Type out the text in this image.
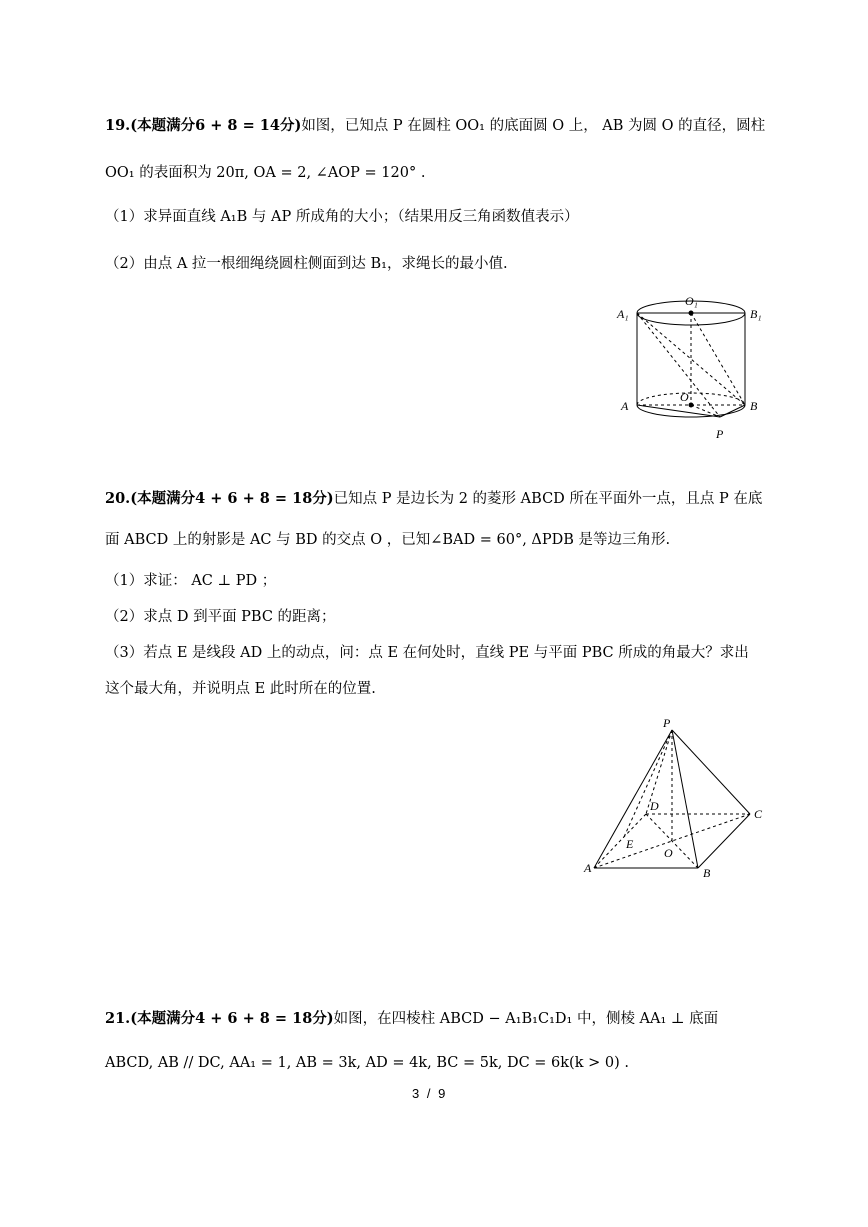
19.(本题满分6 + 8 = 14分)如图，已知点 P 在圆柱 OO₁ 的底面圆 O 上， AB 为圆 O 的直径，圆柱
OO₁ 的表面积为 20π, OA = 2, ∠AOP = 120° .
（1）求异面直线 A₁B 与 AP 所成角的大小；（结果用反三角函数值表示）
（2）由点 A 拉一根细绳绕圆柱侧面到达 B₁，求绳长的最小值.
A₁
O₁
B₁
A
O
B
P
20.(本题满分4 + 6 + 8 = 18分)已知点 P 是边长为 2 的菱形 ABCD 所在平面外一点，且点 P 在底
面 ABCD 上的射影是 AC 与 BD 的交点 O ，已知∠BAD = 60°, ΔPDB 是等边三角形.
（1）求证： AC ⊥ PD ；
（2）求点 D 到平面 PBC 的距离；
（3）若点 E 是线段 AD 上的动点，问：点 E 在何处时，直线 PE 与平面 PBC 所成的角最大？求出
这个最大角，并说明点 E 此时所在的位置.
P
D
C
E
O
A	B
21.(本题满分4 + 6 + 8 = 18分)如图，在四棱柱 ABCD − A₁B₁C₁D₁ 中，侧棱 AA₁ ⊥ 底面
ABCD, AB // DC, AA₁ = 1, AB = 3k, AD = 4k, BC = 5k, DC = 6k(k > 0) .
3 / 9
